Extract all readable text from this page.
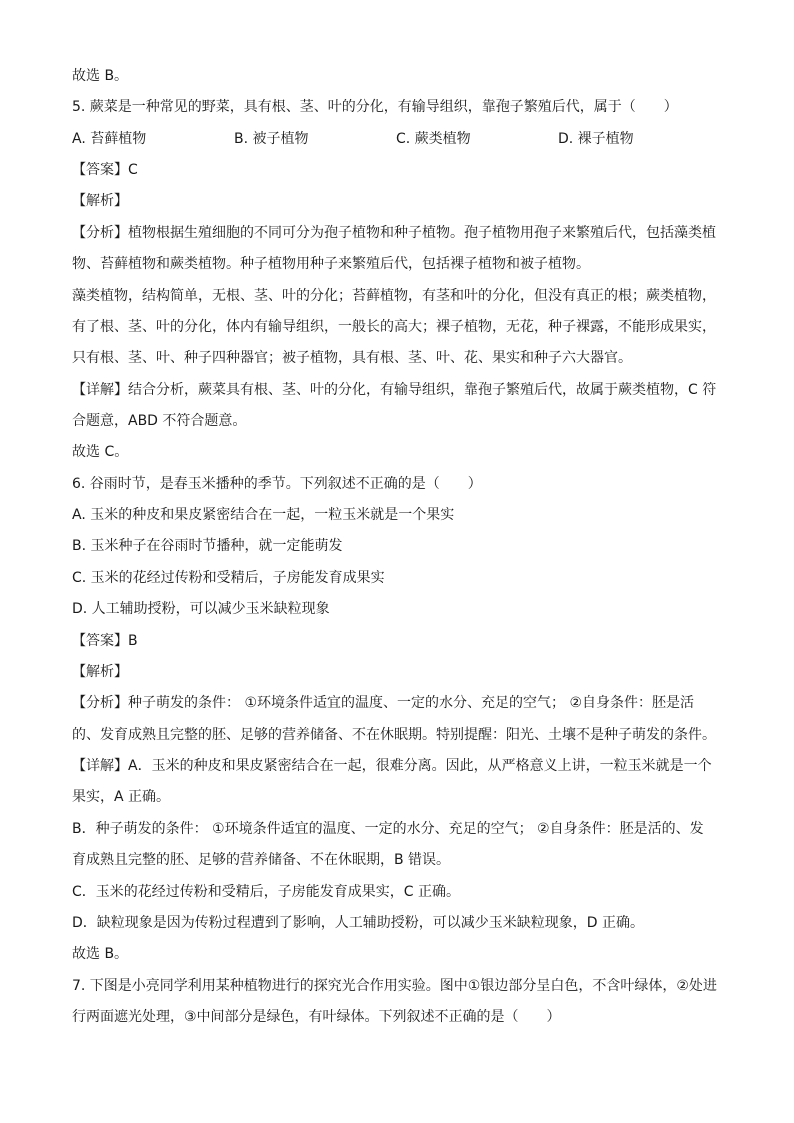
故选 B。
5. 蕨菜是一种常见的野菜，具有根、茎、叶的分化，有输导组织，靠孢子繁殖后代，属于（　　）
A. 苔藓植物	B. 被子植物	C. 蕨类植物	D. 裸子植物
【答案】C
【解析】
【分析】植物根据生殖细胞的不同可分为孢子植物和种子植物。孢子植物用孢子来繁殖后代，包括藻类植
物、苔藓植物和蕨类植物。种子植物用种子来繁殖后代，包括裸子植物和被子植物。
藻类植物，结构简单，无根、茎、叶的分化；苔藓植物，有茎和叶的分化，但没有真正的根；蕨类植物，
有了根、茎、叶的分化，体内有输导组织，一般长的高大；裸子植物，无花，种子裸露，不能形成果实，
只有根、茎、叶、种子四种器官；被子植物，具有根、茎、叶、花、果实和种子六大器官。
【详解】结合分析，蕨菜具有根、茎、叶的分化，有输导组织，靠孢子繁殖后代，故属于蕨类植物，C 符
合题意，ABD 不符合题意。
故选 C。
6. 谷雨时节，是春玉米播种的季节。下列叙述不正确的是（　　）
A. 玉米的种皮和果皮紧密结合在一起，一粒玉米就是一个果实
B. 玉米种子在谷雨时节播种，就一定能萌发
C. 玉米的花经过传粉和受精后，子房能发育成果实
D. 人工辅助授粉，可以减少玉米缺粒现象
【答案】B
【解析】
【分析】种子萌发的条件： ①环境条件适宜的温度、一定的水分、充足的空气； ②自身条件：胚是活
的、发育成熟且完整的胚、足够的营养储备、不在休眠期。特别提醒：阳光、土壤不是种子萌发的条件。
【详解】A．玉米的种皮和果皮紧密结合在一起，很难分离。因此，从严格意义上讲，一粒玉米就是一个
果实，A 正确。
B．种子萌发的条件： ①环境条件适宜的温度、一定的水分、充足的空气； ②自身条件：胚是活的、发
育成熟且完整的胚、足够的营养储备、不在休眠期，B 错误。
C．玉米的花经过传粉和受精后，子房能发育成果实，C 正确。
D．缺粒现象是因为传粉过程遭到了影响，人工辅助授粉，可以减少玉米缺粒现象，D 正确。
故选 B。
7. 下图是小亮同学利用某种植物进行的探究光合作用实验。图中①银边部分呈白色，不含叶绿体，②处进
行两面遮光处理，③中间部分是绿色，有叶绿体。下列叙述不正确的是（　　）
